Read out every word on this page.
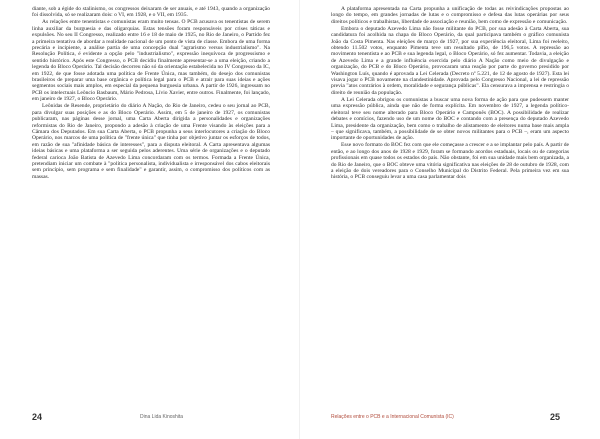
diante, sob a égide do stalinismo, os congressos deixaram de ser anuais, e até 1943, quando a organização foi dissolvida, só se realizaram dois: o VI, em 1928, e o VII, em 1935.

As relações entre tenentistas e comunistas eram muito tensas. O PCB acusava os tenentistas de serem linha auxiliar da burguesia e das oligarquias. Estas tensões foram responsáveis por crises táticas e expulsões. No seu II Congresso, realizado entre 16 e 18 de maio de 1925, no Rio de Janeiro, o Partido fez a primeira tentativa de abordar a realidade nacional de um ponto de vista de classe. Embora de uma forma precária e incipiente, a análise partia de uma concepção dual "agrarismo versus industrialismo". Na Resolução Política, é evidente a opção pelo "industrialismo", expressão inequívoca de progressismo e sentido histórico. Após este Congresso, o PCB decidiu finalmente apresentar-se a uma eleição, criando a legenda do Bloco Operário. Tal decisão decorreu não só da orientação estabelecida no IV Congresso da IC, em 1922, de que fosse adotada uma política de Frente Única, mas também, do desejo dos comunistas brasileiros de preparar uma base orgânica e política legal para o PCB e atrair para suas ideias e ações segmentos sociais mais amplos, em especial da pequena burguesia urbana. A partir de 1926, ingressam no PCB os intelectuais Leôncio Basbaum, Mário Pedrosa, Lívio Xavier, entre outros. Finalmente, foi lançado, em janeiro de 1927, o Bloco Operário.

Leônidas de Resende, proprietário do diário A Nação, do Rio de Janeiro, cedeu o seu jornal ao PCB, para divulgar suas posições e as do Bloco Operário. Assim, em 5 de janeiro de 1927, os comunistas publicaram, nas páginas desse jornal, uma Carta Aberta dirigida a personalidades e organizações reformistas do Rio de Janeiro, propondo a adesão à criação de uma Frente visando às eleições para a Câmara dos Deputados. Em sua Carta Aberta, o PCB propunha a seus interlocutores a criação do Bloco Operário, nos marcos de uma política de "frente única" que tinha por objetivo juntar os esforços de todos, em razão de sua "afinidade básica de interesses", para a disputa eleitoral. A Carta apresentava algumas ideias básicas e uma plataforma a ser seguida pelos aderentes. Uma série de organizações e o deputado federal carioca João Batista de Azevedo Lima concordaram com os termos. Formada a Frente Única, pretendiam iniciar um combate à "política personalista, individualista e irresponsável dos cabos eleitorais sem princípio, sem programa e sem finalidade" e garantir, assim, o compromisso dos políticos com as massas.

24	Dina Lida Kinoshita

A plataforma apresentada na Carta propunha a unificação de todas as reivindicações propostas ao longo do tempo, em grandes jornadas de lutas e o compromisso e defesa das lutas operárias por seus direitos políticos e trabalhistas, liberdade de associação e reunião, bem como de expressão e comunicação.

Embora o deputado Azevedo Lima não fosse militante do PCB, por sua adesão à Carta Aberta, sua candidatura foi acolhida na chapa do Bloco Operário, da qual participava também o gráfico comunista João da Costa Pimenta. Nas eleições de março de 1927, por sua experiência eleitoral, Lima foi reeleito, obtendo 11.502 votos, enquanto Pimenta teve um resultado pífio, de 196,5 votos. A repressão ao movimento tenentista e ao PCB e sua legenda legal, o Bloco Operário, só fez aumentar. Todavia, a eleição de Azevedo Lima e a grande influência exercida pelo diário A Nação como meio de divulgação e organização, do PCB e do Bloco Operário, provocaram uma reação por parte do governo presidido por Washington Luís, quando é aprovada a Lei Celerada (Decreto nº 5.221, de 12 de agosto de 1927). Esta lei visava jogar o PCB novamente na clandestinidade. Aprovada pelo Congresso Nacional, a lei de repressão previa "atos contrários à ordem, moralidade e segurança públicas". Ela censurava a imprensa e restringia o direito de reunião da população.

A Lei Celerada obrigou os comunistas a buscar uma nova forma de ação para que pudessem manter uma expressão pública, ainda que não de forma explícita. Em novembro de 1927, a legenda político-eleitoral teve seu nome alterado para Bloco Operário e Camponês (BOC). A possibilidade de realizar debates e comícios, fazendo uso de um nome do BOC e contando com a presença do deputado Azevedo Lima, presidente da organização, bem como o trabalho de alistamento de eleitores numa base mais ampla – que significava, também, a possibilidade de se obter novos militantes para o PCB –, eram um aspecto importante de oportunidades de ação.

Esse novo formato do BOC fez com que ele começasse a crescer e a se implantar pelo país. A partir de então, e ao longo dos anos de 1928 e 1929, foram se formando acordos estaduais, locais ou de categorias profissionais em quase todos os estados do país. Não obstante, foi em sua unidade mais bem organizada, a do Rio de Janeiro, que o BOC obteve uma vitória significativa nas eleições de 28 de outubro de 1928, com a eleição de dois vereadores para o Conselho Municipal do Distrito Federal. Pela primeira vez em sua história, o PCB conseguiu levar a uma casa parlamentar dois

Relações entre o PCB e a Internacional Comunista (IC)	25
